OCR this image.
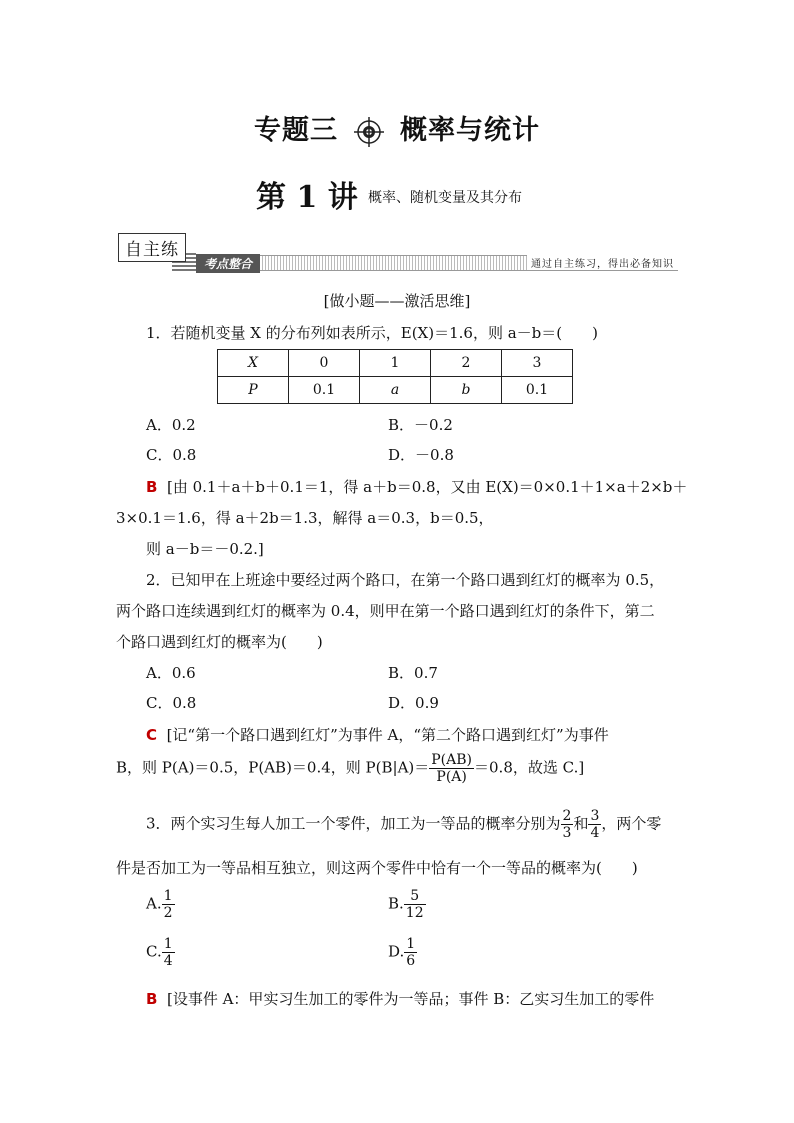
专题三 概率与统计
第 1 讲 概率、随机变量及其分布
自主练
考点整合	通过自主练习，得出必备知识
[做小题——激活思维]
1．若随机变量 X 的分布列如表所示，E(X)＝1.6，则 a－b＝(　　)
X	0	1	2	3
P	0.1	a	b	0.1
A．0.2	B．－0.2
C．0.8	D．－0.8
B [由 0.1＋a＋b＋0.1＝1，得 a＋b＝0.8，又由 E(X)＝0×0.1＋1×a＋2×b＋
3×0.1＝1.6，得 a＋2b＝1.3，解得 a＝0.3，b＝0.5，
则 a－b＝－0.2.]
2．已知甲在上班途中要经过两个路口，在第一个路口遇到红灯的概率为 0.5，
两个路口连续遇到红灯的概率为 0.4，则甲在第一个路口遇到红灯的条件下，第二
个路口遇到红灯的概率为(　　)
A．0.6	B．0.7
C．0.8	D．0.9
C [记“第一个路口遇到红灯”为事件 A，“第二个路口遇到红灯”为事件
B，则 P(A)＝0.5，P(AB)＝0.4，则 $P(B|A)= \frac{P(AB)}{P(A)} =0.8$，故选 C.]
3．两个实习生每人加工一个零件，加工为一等品的概率分别为 $\frac{2}{3}$ 和 $\frac{3}{4}$ ，两个零
件是否加工为一等品相互独立，则这两个零件中恰有一个一等品的概率为(　　)
A. $\frac{1}{2}$	B. $\frac{5}{12}$
C. $\frac{1}{4}$	D. $\frac{1}{6}$
B [设事件 A：甲实习生加工的零件为一等品；事件 B：乙实习生加工的零件
